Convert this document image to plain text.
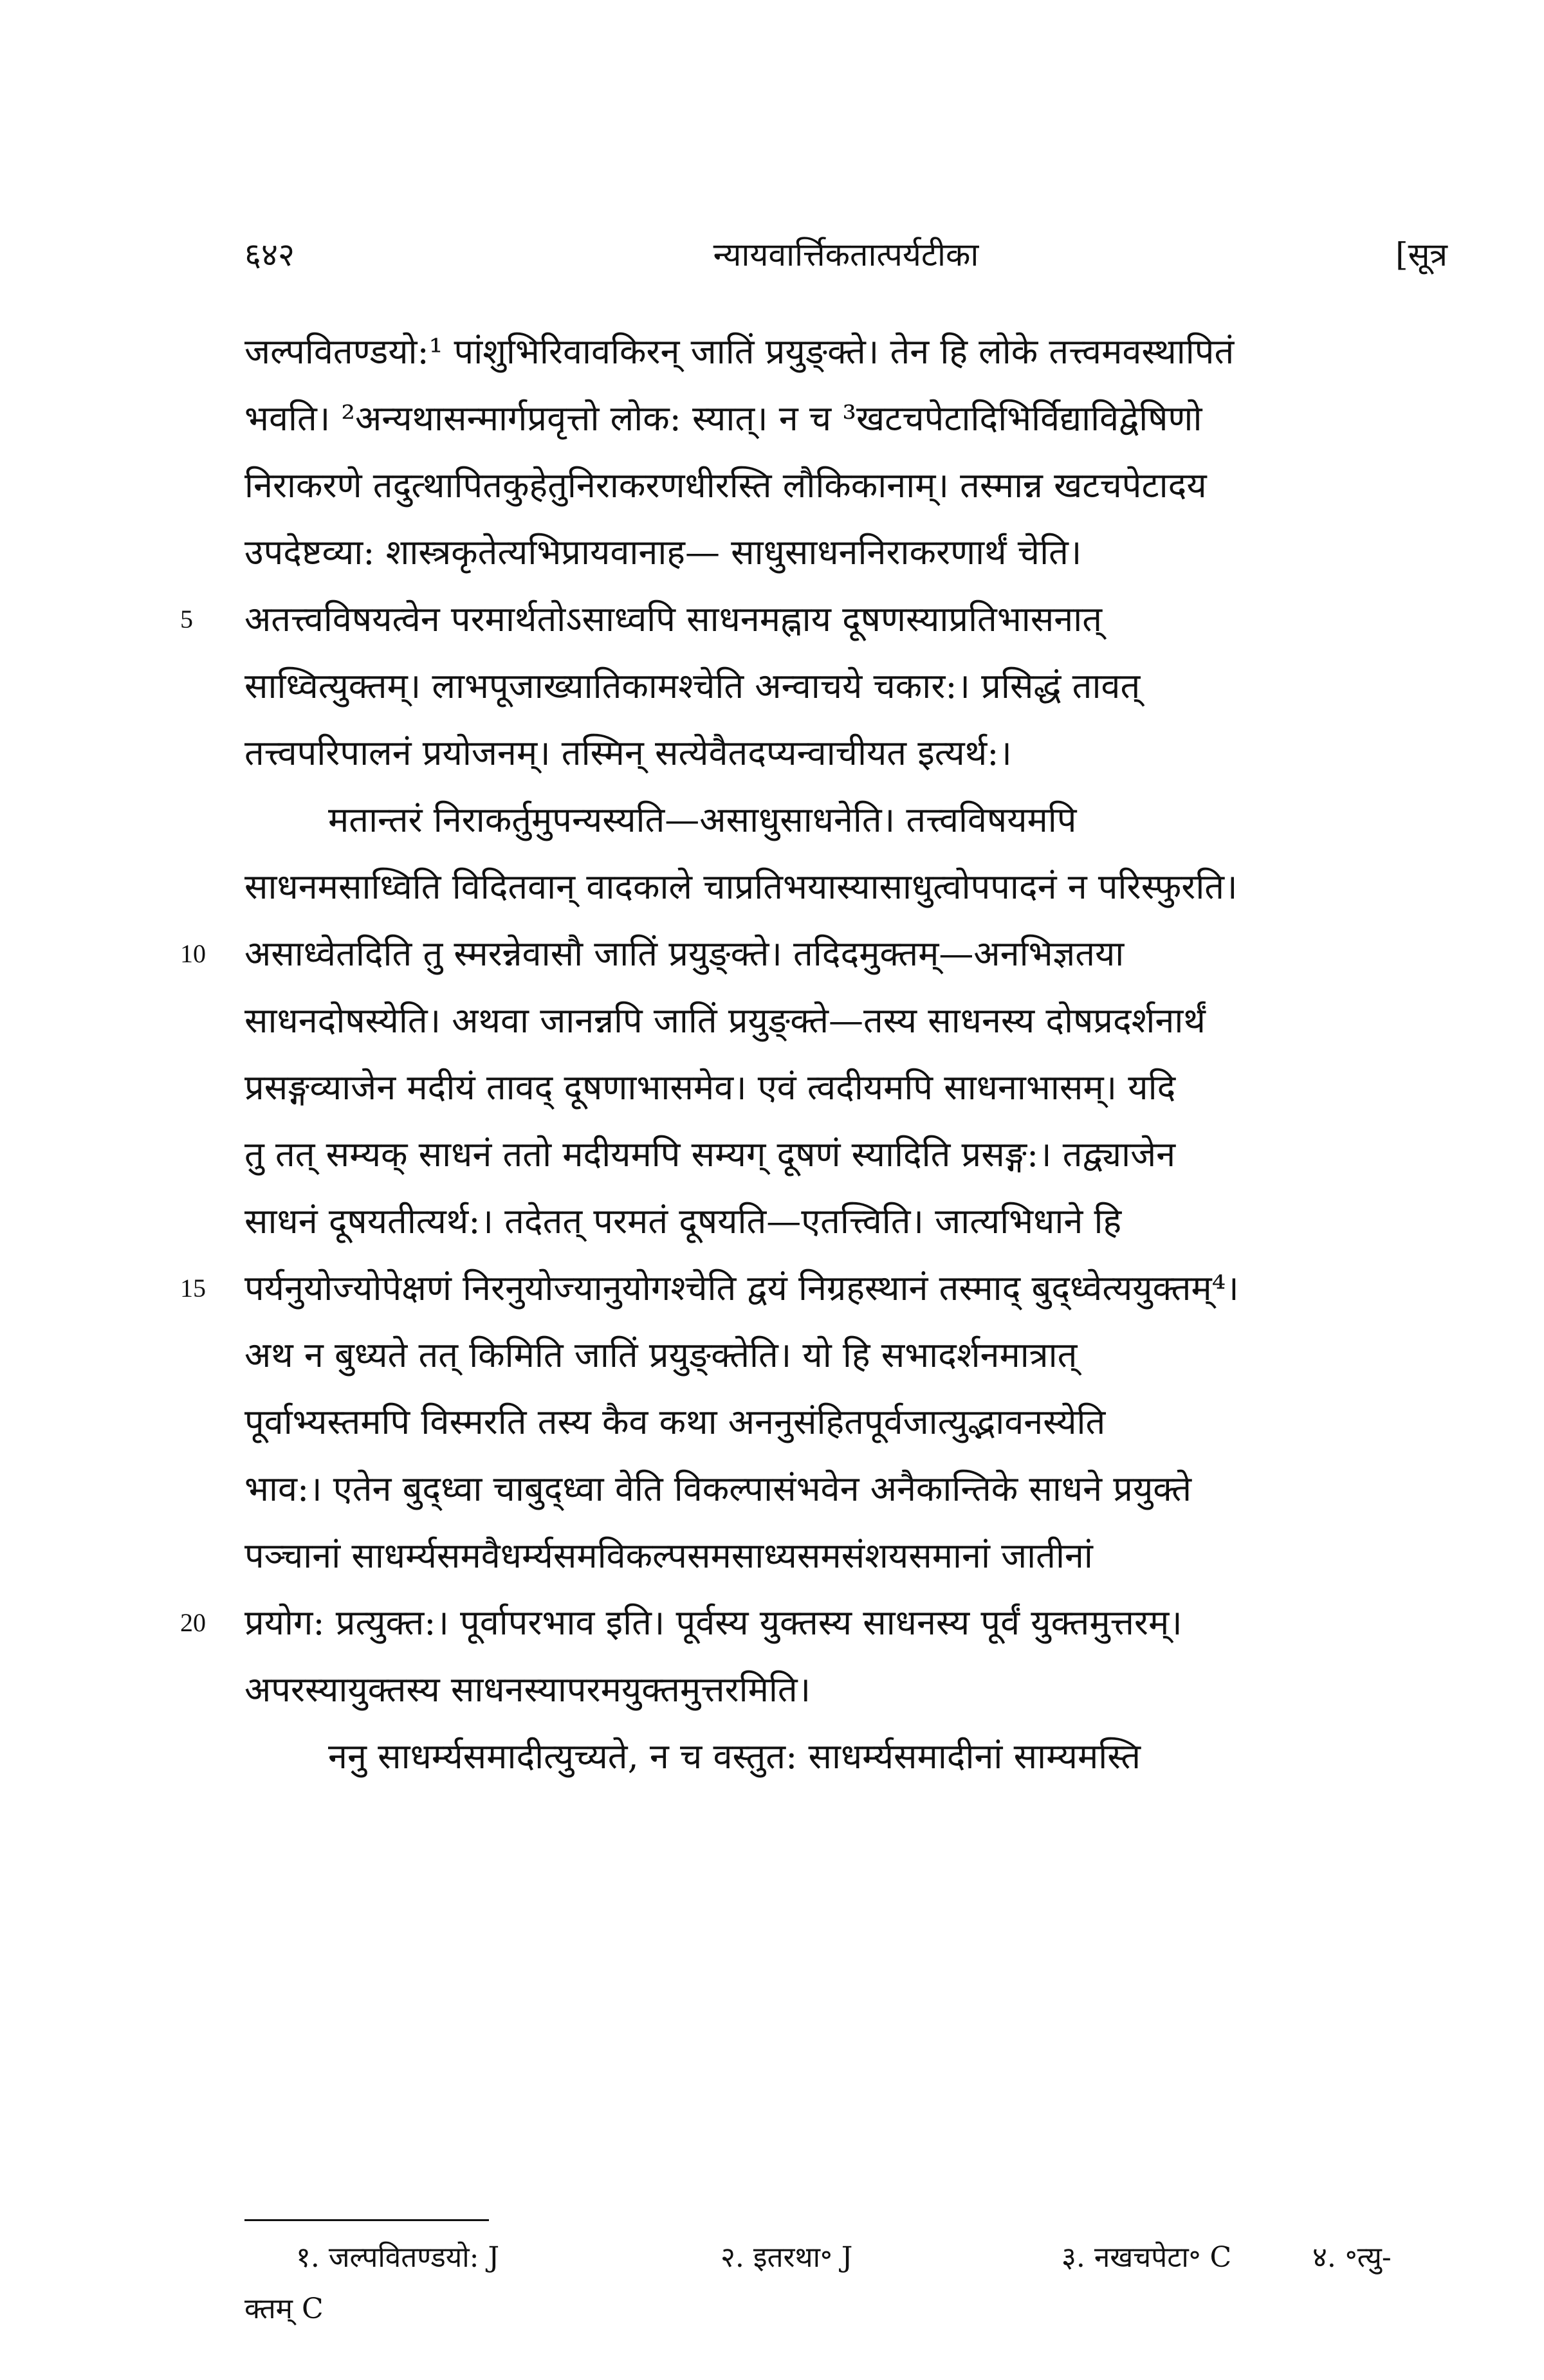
६४२	न्यायवार्त्तिकतात्पर्यटीका	[सूत्र
जल्पवितण्डयो:¹ पांशुभिरिवावकिरन् जातिं प्रयुङ्क्ते। तेन हि लोके तत्त्वमवस्थापितं
भवति। ²अन्यथासन्मार्गप्रवृत्तो लोक: स्यात्। न च ³खटचपेटादिभिर्विद्याविद्वेषिणो
निराकरणे तदुत्थापितकुहेतुनिराकरणधीरस्ति लौकिकानाम्। तस्मान्न खटचपेटादय
उपदेष्टव्या: शास्त्रकृतेत्यभिप्रायवानाह— साधुसाधननिराकरणार्थं चेति।
5 अतत्त्वविषयत्वेन परमार्थतोऽसाध्वपि साधनमह्नाय दूषणस्याप्रतिभासनात्
साध्वित्युक्तम्। लाभपूजाख्यातिकामश्चेति अन्वाचये चकार:। प्रसिद्धं तावत्
तत्त्वपरिपालनं प्रयोजनम्। तस्मिन् सत्येवैतदप्यन्वाचीयत इत्यर्थ:।
मतान्तरं निराकर्तुमुपन्यस्यति—असाधुसाधनेति। तत्त्वविषयमपि
साधनमसाध्विति विदितवान् वादकाले चाप्रतिभयास्यासाधुत्वोपपादनं न परिस्फुरति।
10 असाध्वेतदिति तु स्मरन्नेवासौ जातिं प्रयुङ्क्ते। तदिदमुक्तम्—अनभिज्ञतया
साधनदोषस्येति। अथवा जानन्नपि जातिं प्रयुङ्क्ते—तस्य साधनस्य दोषप्रदर्शनार्थं
प्रसङ्गव्याजेन मदीयं तावद् दूषणाभासमेव। एवं त्वदीयमपि साधनाभासम्। यदि
तु तत् सम्यक् साधनं ततो मदीयमपि सम्यग् दूषणं स्यादिति प्रसङ्ग:। तद्व्याजेन
साधनं दूषयतीत्यर्थ:। तदेतत् परमतं दूषयति—एतत्त्विति। जात्यभिधाने हि
15 पर्यनुयोज्योपेक्षणं निरनुयोज्यानुयोगश्चेति द्वयं निग्रहस्थानं तस्माद् बुद्ध्वेत्ययुक्तम्⁴।
अथ न बुध्यते तत् किमिति जातिं प्रयुङ्क्तेति। यो हि सभादर्शनमात्रात्
पूर्वाभ्यस्तमपि विस्मरति तस्य कैव कथा अननुसंहितपूर्वजात्युद्भावनस्येति
भाव:। एतेन बुद्ध्वा चाबुद्ध्वा वेति विकल्पासंभवेन अनैकान्तिके साधने प्रयुक्ते
पञ्चानां साधर्म्यसमवैधर्म्यसमविकल्पसमसाध्यसमसंशयसमानां जातीनां
20 प्रयोग: प्रत्युक्त:। पूर्वापरभाव इति। पूर्वस्य युक्तस्य साधनस्य पूर्वं युक्तमुत्तरम्।
अपरस्यायुक्तस्य साधनस्यापरमयुक्तमुत्तरमिति।
ननु साधर्म्यसमादीत्युच्यते, न च वस्तुत: साधर्म्यसमादीनां साम्यमस्ति
१. जल्पवितण्डयो: J	२. इतरथा॰ J	३. नखचपेटा॰ C	४. ॰त्यु-
क्तम् C
